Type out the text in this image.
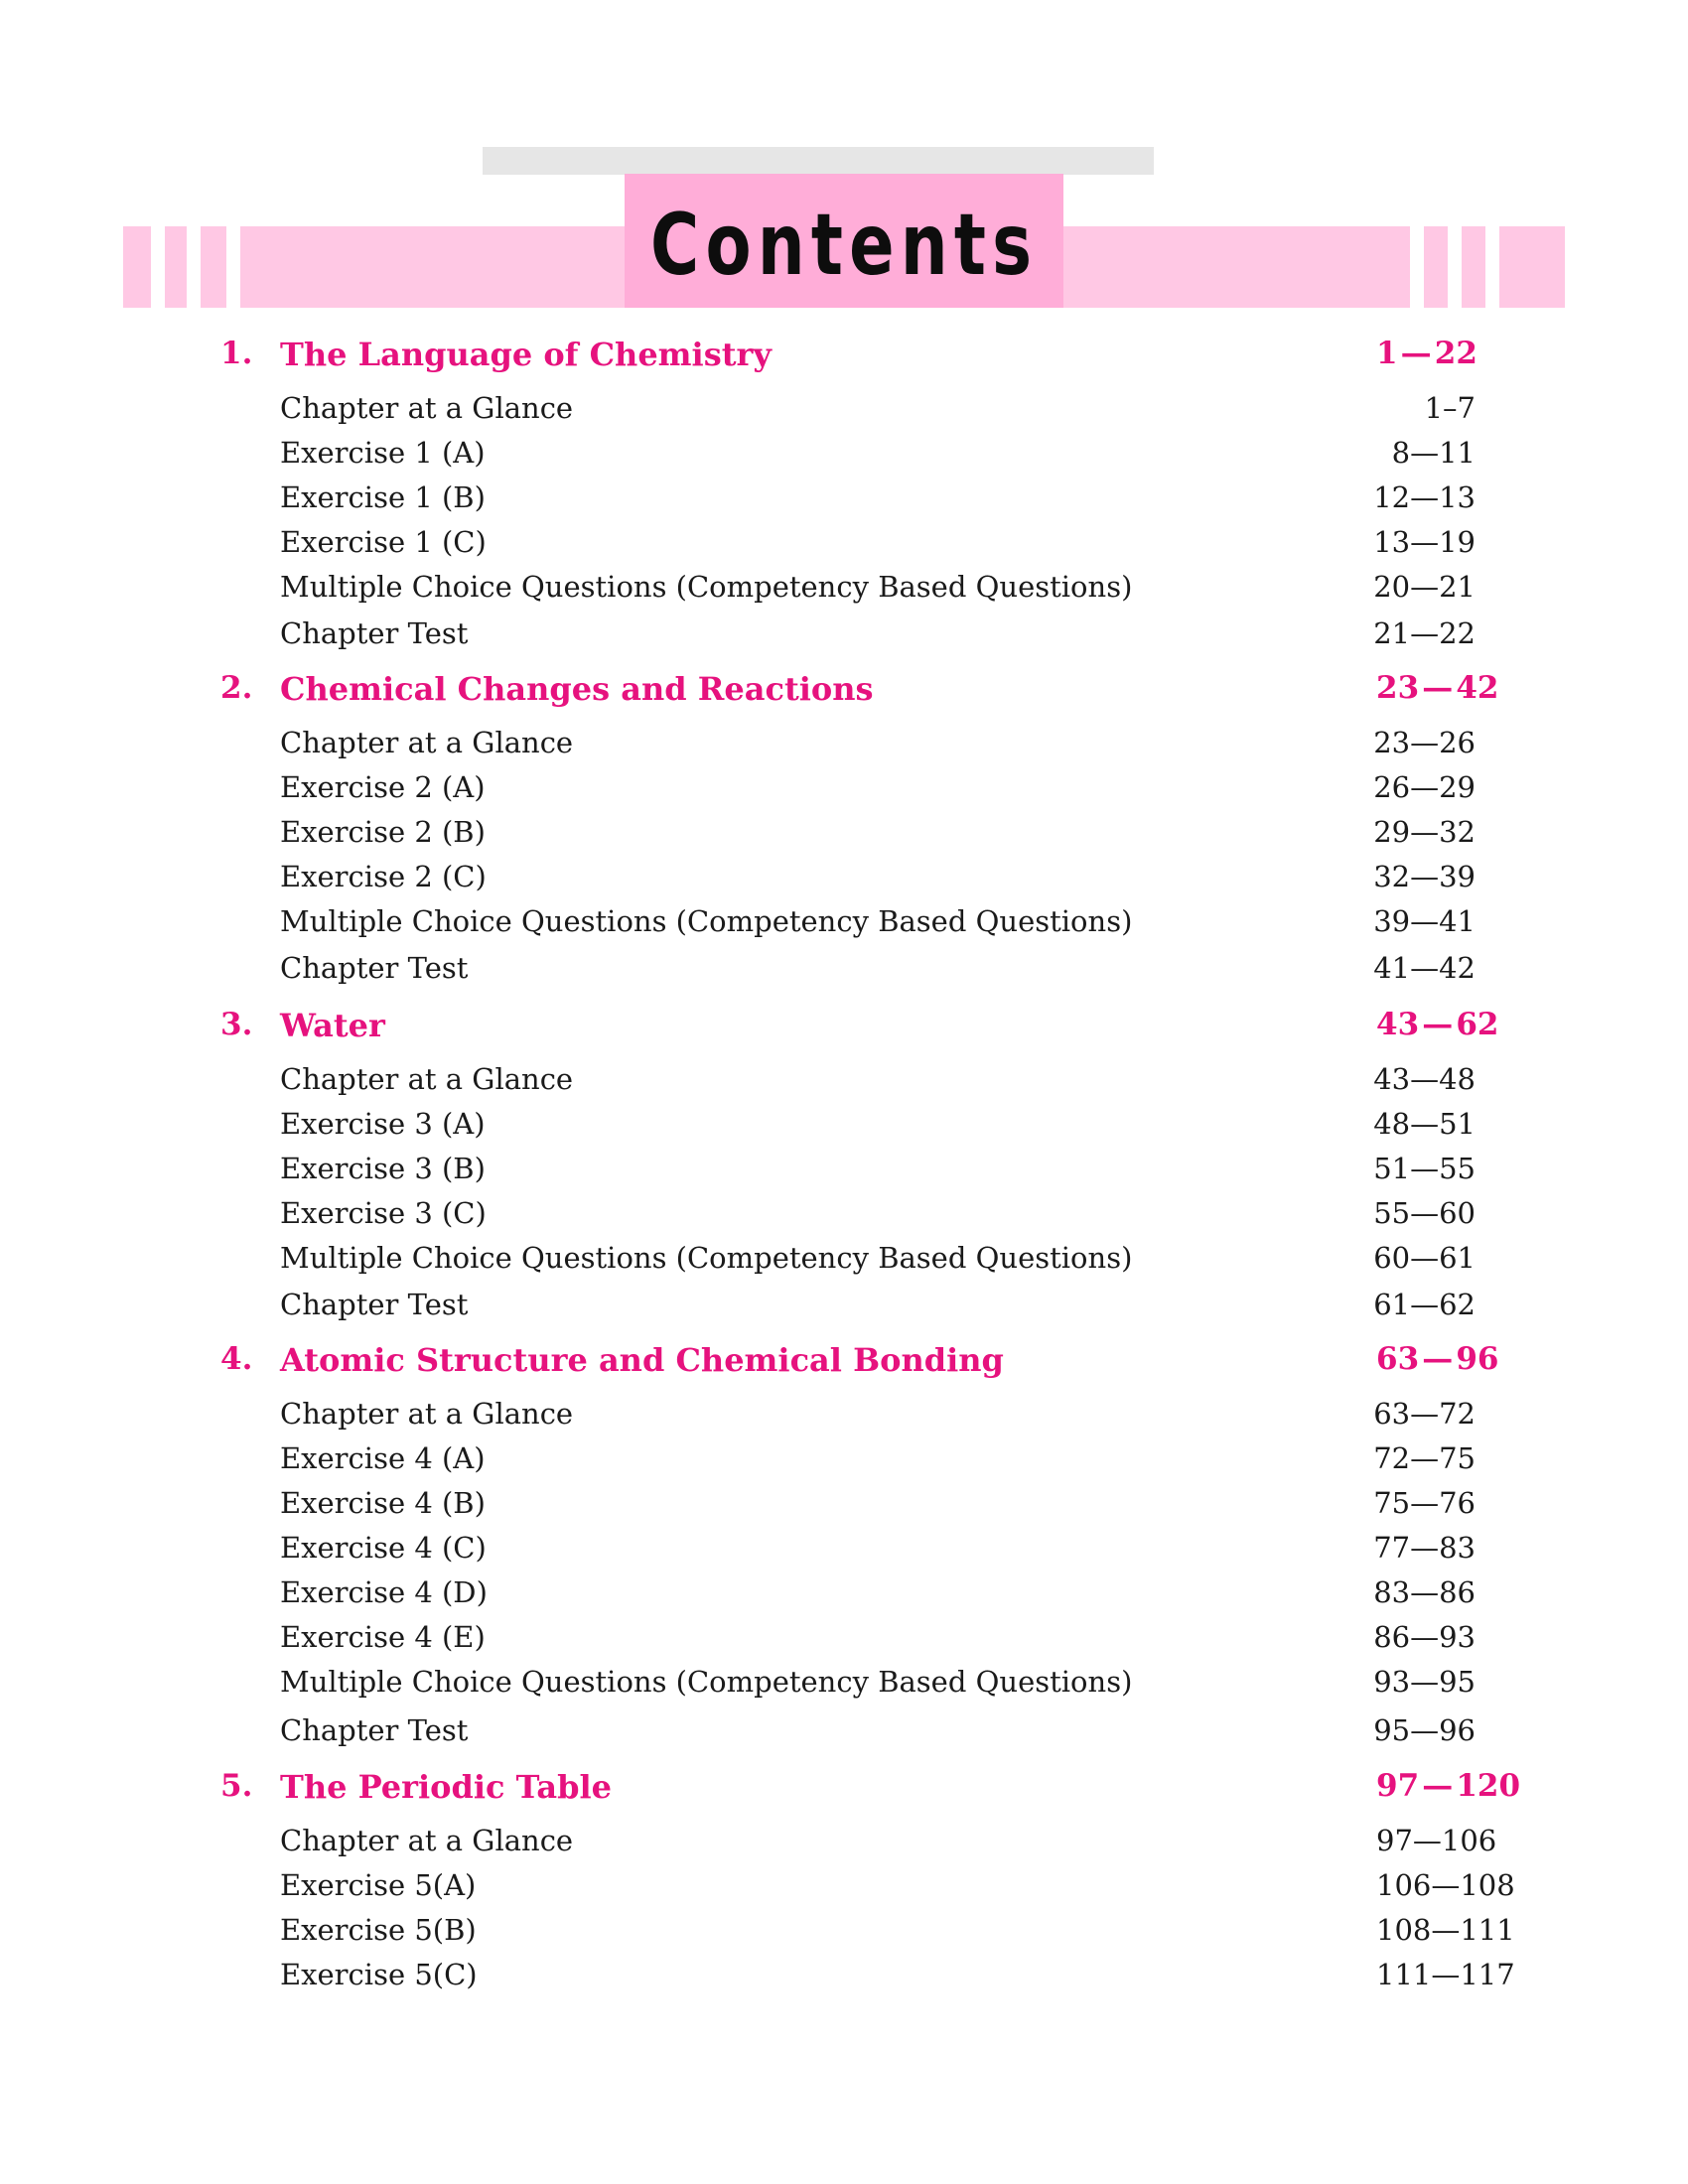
Contents
1. The Language of Chemistry	1 — 22
Chapter at a Glance	1–7
Exercise 1 (A)	8—11
Exercise 1 (B)	12—13
Exercise 1 (C)	13—19
Multiple Choice Questions (Competency Based Questions)	20—21
Chapter Test	21—22
2. Chemical Changes and Reactions	23 — 42
Chapter at a Glance	23—26
Exercise 2 (A)	26—29
Exercise 2 (B)	29—32
Exercise 2 (C)	32—39
Multiple Choice Questions (Competency Based Questions)	39—41
Chapter Test	41—42
3. Water	43 — 62
Chapter at a Glance	43—48
Exercise 3 (A)	48—51
Exercise 3 (B)	51—55
Exercise 3 (C)	55—60
Multiple Choice Questions (Competency Based Questions)	60—61
Chapter Test	61—62
4. Atomic Structure and Chemical Bonding	63 — 96
Chapter at a Glance	63—72
Exercise 4 (A)	72—75
Exercise 4 (B)	75—76
Exercise 4 (C)	77—83
Exercise 4 (D)	83—86
Exercise 4 (E)	86—93
Multiple Choice Questions (Competency Based Questions)	93—95
Chapter Test	95—96
5. The Periodic Table	97 — 120
Chapter at a Glance	97—106
Exercise 5(A)	106—108
Exercise 5(B)	108—111
Exercise 5(C)	111—117
